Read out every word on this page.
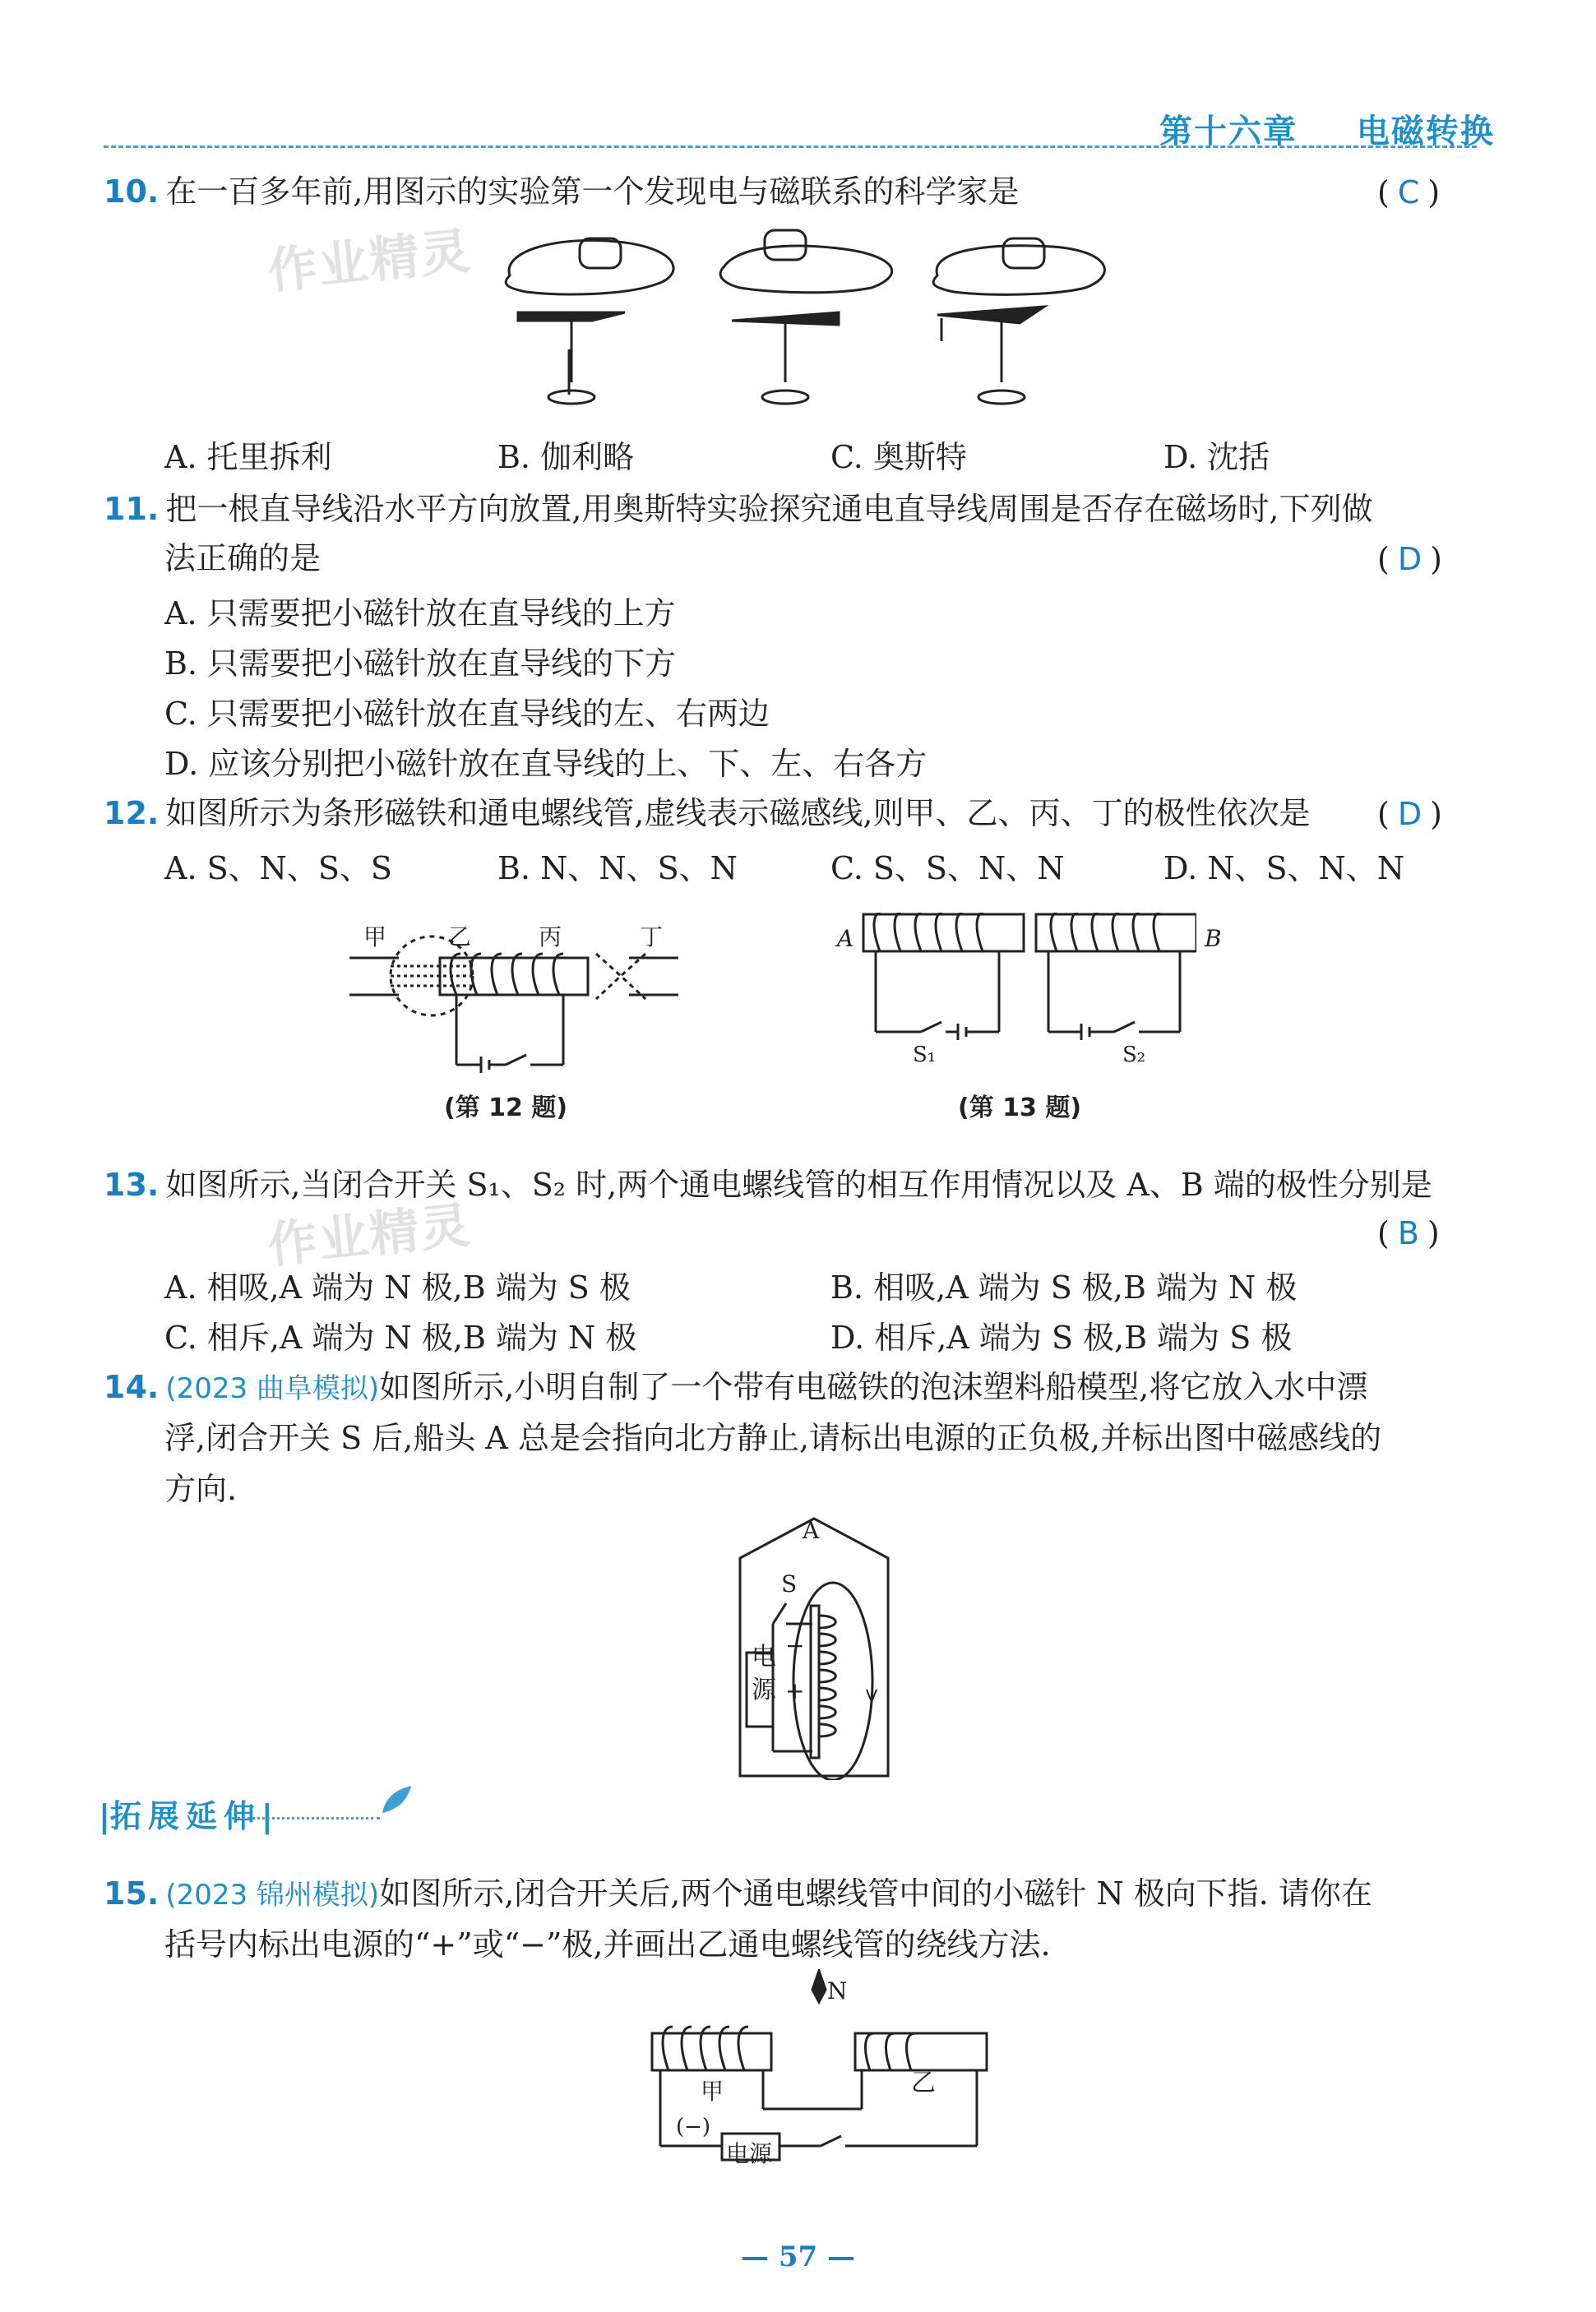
第十六章 电磁转换
10. 在一百多年前,用图示的实验第一个发现电与磁联系的科学家是	( C )
作业精灵
A. 托里拆利	B. 伽利略	C. 奥斯特	D. 沈括
11. 把一根直导线沿水平方向放置,用奥斯特实验探究通电直导线周围是否存在磁场时,下列做
法正确的是	( D )
A. 只需要把小磁针放在直导线的上方
B. 只需要把小磁针放在直导线的下方
C. 只需要把小磁针放在直导线的左、右两边
D. 应该分别把小磁针放在直导线的上、下、左、右各方
12. 如图所示为条形磁铁和通电螺线管,虚线表示磁感线,则甲、乙、丙、丁的极性依次是 ( D )
A. S、N、S、S	B. N、N、S、N	C. S、S、N、N	D. N、S、N、N
甲	乙	丙	丁
(第 12 题)
A	B
S₁	S₂
(第 13 题)
13. 如图所示,当闭合开关 S₁、S₂ 时,两个通电螺线管的相互作用情况以及 A、B 端的极性分别是
作业精灵	( B )
A. 相吸,A 端为 N 极,B 端为 S 极	B. 相吸,A 端为 S 极,B 端为 N 极
C. 相斥,A 端为 N 极,B 端为 N 极	D. 相斥,A 端为 S 极,B 端为 S 极
14. (2023 曲阜模拟)如图所示,小明自制了一个带有电磁铁的泡沫塑料船模型,将它放入水中漂
浮,闭合开关 S 后,船头 A 总是会指向北方静止,请标出电源的正负极,并标出图中磁感线的
方向.
A
S
电
源
−
+
|拓展延伸|
15. (2023 锦州模拟)如图所示,闭合开关后,两个通电螺线管中间的小磁针 N 极向下指. 请你在
括号内标出电源的“+”或“−”极,并画出乙通电螺线管的绕线方法.
N
甲	乙
(−)
电源
— 57 —
